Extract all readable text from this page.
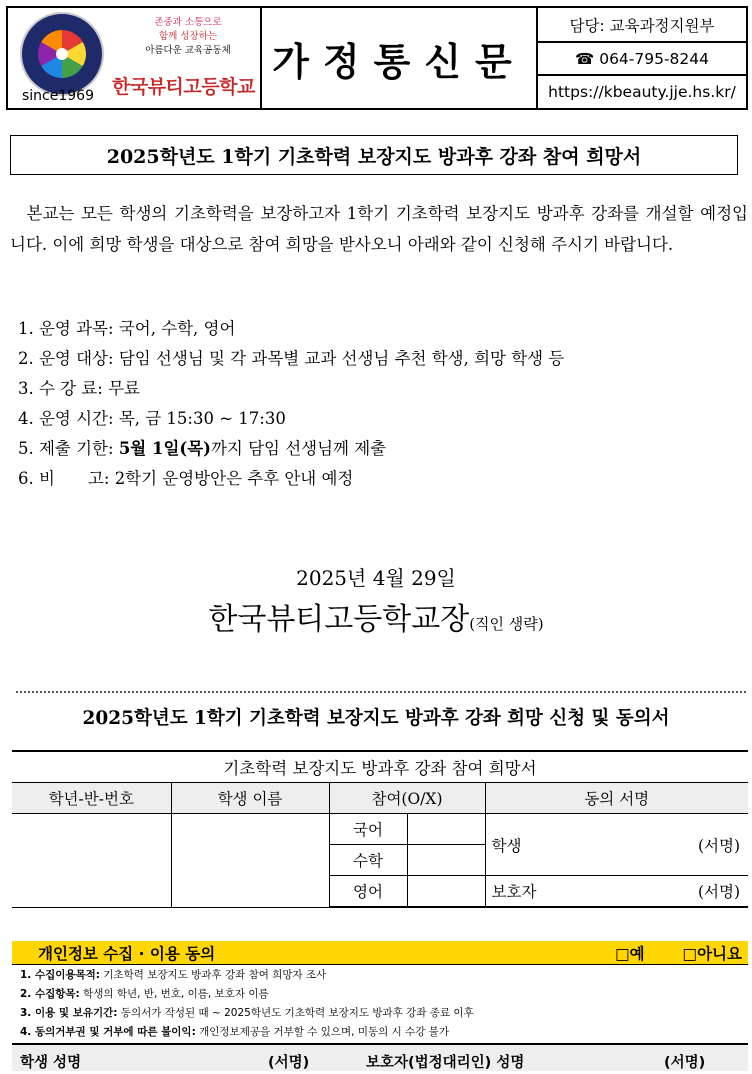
since1969
존중과 소통으로
함께 성장하는
아름다운 교육공동체
한국뷰티고등학교
가정통신문
담당: 교육과정지원부
☎ 064-795-8244
https://kbeauty.jje.hs.kr/
2025학년도 1학기 기초학력 보장지도 방과후 강좌 참여 희망서
 본교는 모든 학생의 기초학력을 보장하고자 1학기 기초학력 보장지도 방과후 강좌를 개설할 예정입니다. 이에 희망 학생을 대상으로 참여 희망을 받사오니 아래와 같이 신청해 주시기 바랍니다.
1. 운영 과목: 국어, 수학, 영어
2. 운영 대상: 담임 선생님 및 각 과목별 교과 선생님 추천 학생, 희망 학생 등
3. 수 강 료: 무료
4. 운영 시간: 목, 금 15:30 ~ 17:30
5. 제출 기한: 5월 1일(목)까지 담임 선생님께 제출
6. 비　　고: 2학기 운영방안은 추후 안내 예정
2025년 4월 29일
한국뷰티고등학교장(직인 생략)
2025학년도 1학기 기초학력 보장지도 방과후 강좌 희망 신청 및 동의서
기초학력 보장지도 방과후 강좌 참여 희망서				
학년-반-번호	학생 이름	참여(O/X)		동의 서명
		국어		학생 (서명)

		수학		
		영어		보호자 (서명)
개인정보 수집 · 이용 동의	□예 □아니요
1. 수집이용목적: 기초학력 보장지도 방과후 강좌 참여 희망자 조사
2. 수집항목: 학생의 학년, 반, 번호, 이름, 보호자 이름
3. 이용 및 보유기간: 동의서가 작성된 때 ~ 2025학년도 기초학력 보장지도 방과후 강좌 종료 이후
4. 동의거부권 및 거부에 따른 불이익: 개인정보제공을 거부할 수 있으며, 미동의 시 수강 불가
학생 성명	(서명)	보호자(법정대리인) 성명	(서명)
